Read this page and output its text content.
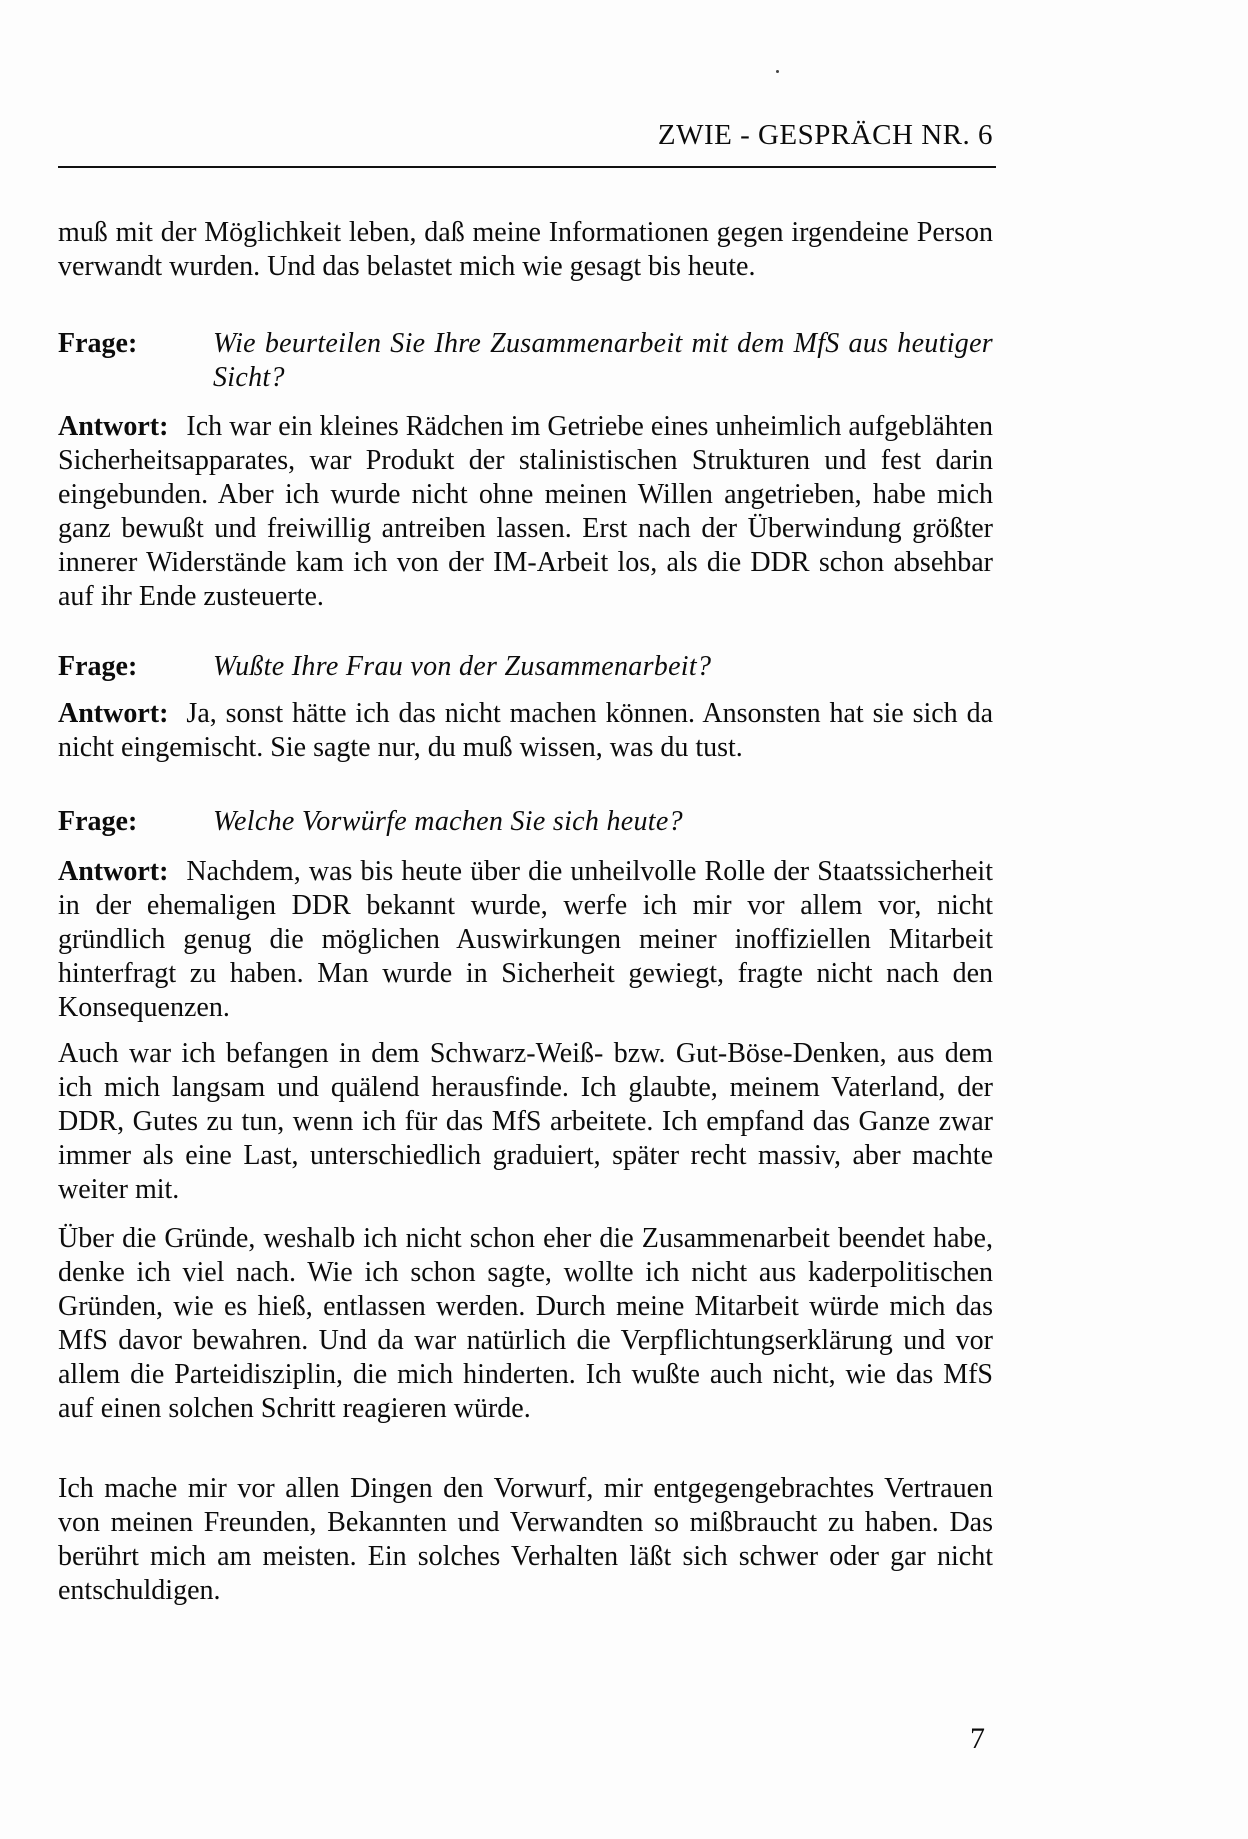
ZWIE - GESPRÄCH NR. 6
muß mit der Möglichkeit leben, daß meine Informationen gegen irgendeine Person verwandt wurden. Und das belastet mich wie gesagt bis heute.
Frage:	Wie beurteilen Sie Ihre Zusammenarbeit mit dem MfS aus heutiger Sicht?
Antwort: Ich war ein kleines Rädchen im Getriebe eines unheimlich aufgeblähten Sicherheitsapparates, war Produkt der stalinistischen Strukturen und fest darin eingebunden. Aber ich wurde nicht ohne meinen Willen angetrieben, habe mich ganz bewußt und freiwillig antreiben lassen. Erst nach der Überwindung größter innerer Widerstände kam ich von der IM-Arbeit los, als die DDR schon absehbar auf ihr Ende zusteuerte.
Frage:	Wußte Ihre Frau von der Zusammenarbeit?
Antwort: Ja, sonst hätte ich das nicht machen können. Ansonsten hat sie sich da nicht eingemischt. Sie sagte nur, du muß wissen, was du tust.
Frage:	Welche Vorwürfe machen Sie sich heute?
Antwort: Nachdem, was bis heute über die unheilvolle Rolle der Staatssicherheit in der ehemaligen DDR bekannt wurde, werfe ich mir vor allem vor, nicht gründlich genug die möglichen Auswirkungen meiner inoffiziellen Mitarbeit hinterfragt zu haben. Man wurde in Sicherheit gewiegt, fragte nicht nach den Konsequenzen.
Auch war ich befangen in dem Schwarz-Weiß- bzw. Gut-Böse-Denken, aus dem ich mich langsam und quälend herausfinde. Ich glaubte, meinem Vaterland, der DDR, Gutes zu tun, wenn ich für das MfS arbeitete. Ich empfand das Ganze zwar immer als eine Last, unterschiedlich graduiert, später recht massiv, aber machte weiter mit.
Über die Gründe, weshalb ich nicht schon eher die Zusammenarbeit beendet habe, denke ich viel nach. Wie ich schon sagte, wollte ich nicht aus kaderpolitischen Gründen, wie es hieß, entlassen werden. Durch meine Mitarbeit würde mich das MfS davor bewahren. Und da war natürlich die Verpflichtungserklärung und vor allem die Parteidisziplin, die mich hinderten. Ich wußte auch nicht, wie das MfS auf einen solchen Schritt reagieren würde.
Ich mache mir vor allen Dingen den Vorwurf, mir entgegengebrachtes Vertrauen von meinen Freunden, Bekannten und Verwandten so mißbraucht zu haben. Das berührt mich am meisten. Ein solches Verhalten läßt sich schwer oder gar nicht entschuldigen.
7
